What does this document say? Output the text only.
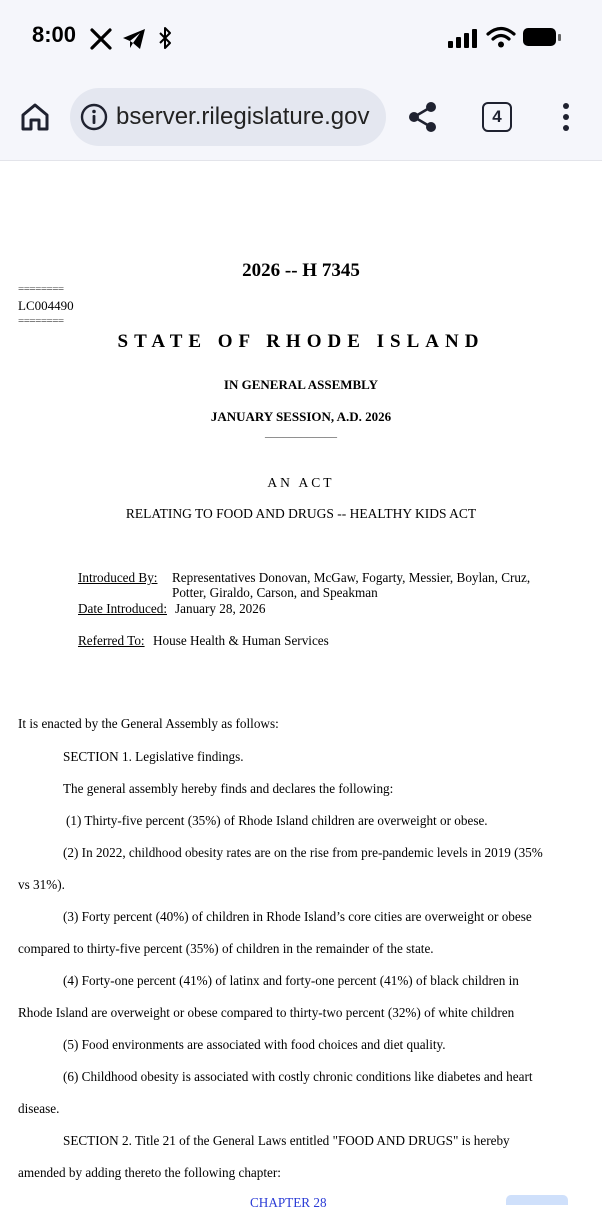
8:00
bserver.rilegislature.gov	4
2026 -- H 7345
========
LC004490
========
STATE OF RHODE ISLAND
IN GENERAL ASSEMBLY
JANUARY SESSION, A.D. 2026
____________
AN ACT
RELATING TO FOOD AND DRUGS -- HEALTHY KIDS ACT
Introduced By: Representatives Donovan, McGaw, Fogarty, Messier, Boylan, Cruz,
Potter, Giraldo, Carson, and Speakman
Date Introduced: January 28, 2026
Referred To: House Health & Human Services
It is enacted by the General Assembly as follows:
SECTION 1. Legislative findings.
The general assembly hereby finds and declares the following:
(1) Thirty-five percent (35%) of Rhode Island children are overweight or obese.
(2) In 2022, childhood obesity rates are on the rise from pre-pandemic levels in 2019 (35%
vs 31%).
(3) Forty percent (40%) of children in Rhode Island’s core cities are overweight or obese
compared to thirty-five percent (35%) of children in the remainder of the state.
(4) Forty-one percent (41%) of latinx and forty-one percent (41%) of black children in
Rhode Island are overweight or obese compared to thirty-two percent (32%) of white children
(5) Food environments are associated with food choices and diet quality.
(6) Childhood obesity is associated with costly chronic conditions like diabetes and heart
disease.
SECTION 2. Title 21 of the General Laws entitled "FOOD AND DRUGS" is hereby
amended by adding thereto the following chapter:
CHAPTER 28
